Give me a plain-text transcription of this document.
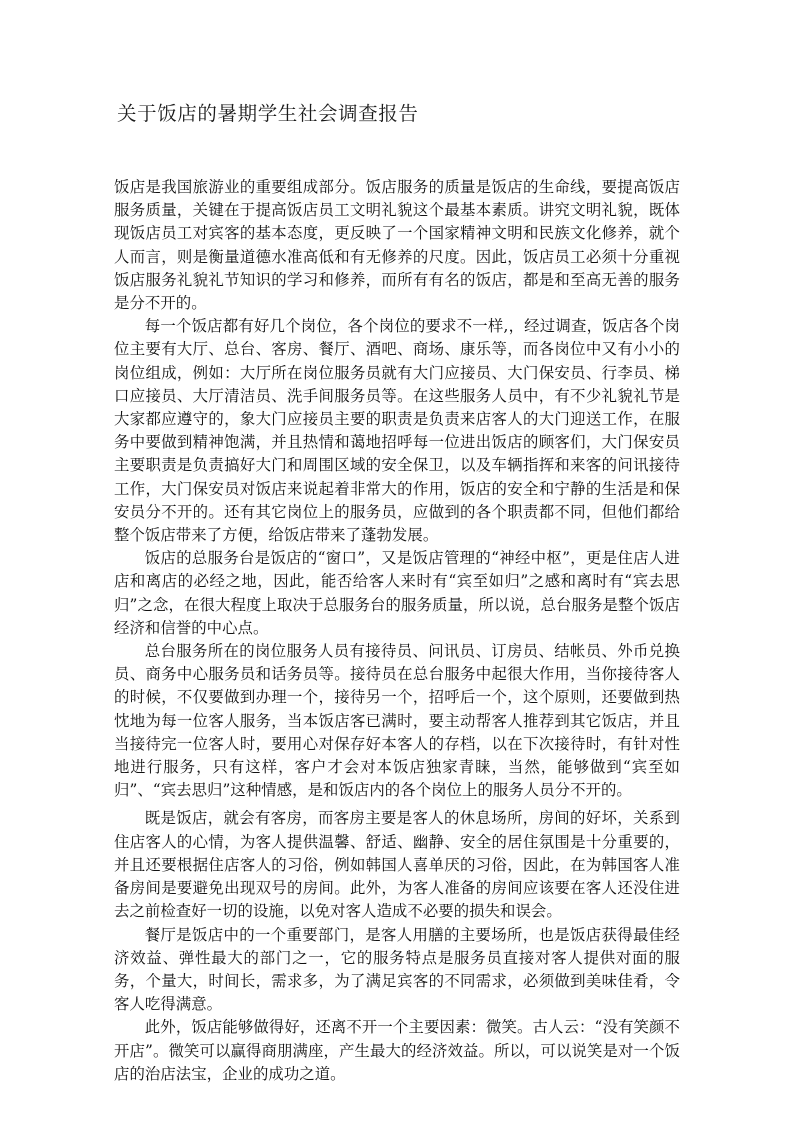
关于饭店的暑期学生社会调查报告

饭店是我国旅游业的重要组成部分。饭店服务的质量是饭店的生命线，要提高饭店服务质量，关键在于提高饭店员工文明礼貌这个最基本素质。讲究文明礼貌，既体现饭店员工对宾客的基本态度，更反映了一个国家精神文明和民族文化修养，就个人而言，则是衡量道德水准高低和有无修养的尺度。因此，饭店员工必须十分重视饭店服务礼貌礼节知识的学习和修养，而所有有名的饭店，都是和至高无善的服务是分不开的。

每一个饭店都有好几个岗位，各个岗位的要求不一样,，经过调查，饭店各个岗位主要有大厅、总台、客房、餐厅、酒吧、商场、康乐等，而各岗位中又有小小的岗位组成，例如：大厅所在岗位服务员就有大门应接员、大门保安员、行李员、梯口应接员、大厅清洁员、洗手间服务员等。在这些服务人员中，有不少礼貌礼节是大家都应遵守的，象大门应接员主要的职责是负责来店客人的大门迎送工作，在服务中要做到精神饱满，并且热情和蔼地招呼每一位进出饭店的顾客们，大门保安员主要职责是负责搞好大门和周围区域的安全保卫，以及车辆指挥和来客的问讯接待工作，大门保安员对饭店来说起着非常大的作用，饭店的安全和宁静的生活是和保安员分不开的。还有其它岗位上的服务员，应做到的各个职责都不同，但他们都给整个饭店带来了方便，给饭店带来了蓬勃发展。

饭店的总服务台是饭店的“窗口”，又是饭店管理的“神经中枢”，更是住店人进店和离店的必经之地，因此，能否给客人来时有“宾至如归”之感和离时有“宾去思归”之念，在很大程度上取决于总服务台的服务质量，所以说，总台服务是整个饭店经济和信誉的中心点。

总台服务所在的岗位服务人员有接待员、问讯员、订房员、结帐员、外币兑换员、商务中心服务员和话务员等。接待员在总台服务中起很大作用，当你接待客人的时候，不仅要做到办理一个，接待另一个，招呼后一个，这个原则，还要做到热忱地为每一位客人服务，当本饭店客已满时，要主动帮客人推荐到其它饭店，并且当接待完一位客人时，要用心对保存好本客人的存档，以在下次接待时，有针对性地进行服务，只有这样，客户才会对本饭店独家青睐，当然，能够做到“宾至如归”、“宾去思归”这种情感，是和饭店内的各个岗位上的服务人员分不开的。

既是饭店，就会有客房，而客房主要是客人的休息场所，房间的好坏，关系到住店客人的心情，为客人提供温馨、舒适、幽静、安全的居住氛围是十分重要的，并且还要根据住店客人的习俗，例如韩国人喜单厌的习俗，因此，在为韩国客人准备房间是要避免出现双号的房间。此外，为客人准备的房间应该要在客人还没住进去之前检查好一切的设施，以免对客人造成不必要的损失和误会。

餐厅是饭店中的一个重要部门，是客人用膳的主要场所，也是饭店获得最佳经济效益、弹性最大的部门之一，它的服务特点是服务员直接对客人提供对面的服务，个量大，时间长，需求多，为了满足宾客的不同需求，必须做到美味佳肴，令客人吃得满意。

此外，饭店能够做得好，还离不开一个主要因素：微笑。古人云：“没有笑颜不开店”。微笑可以赢得商朋满座，产生最大的经济效益。所以，可以说笑是对一个饭店的治店法宝，企业的成功之道。
